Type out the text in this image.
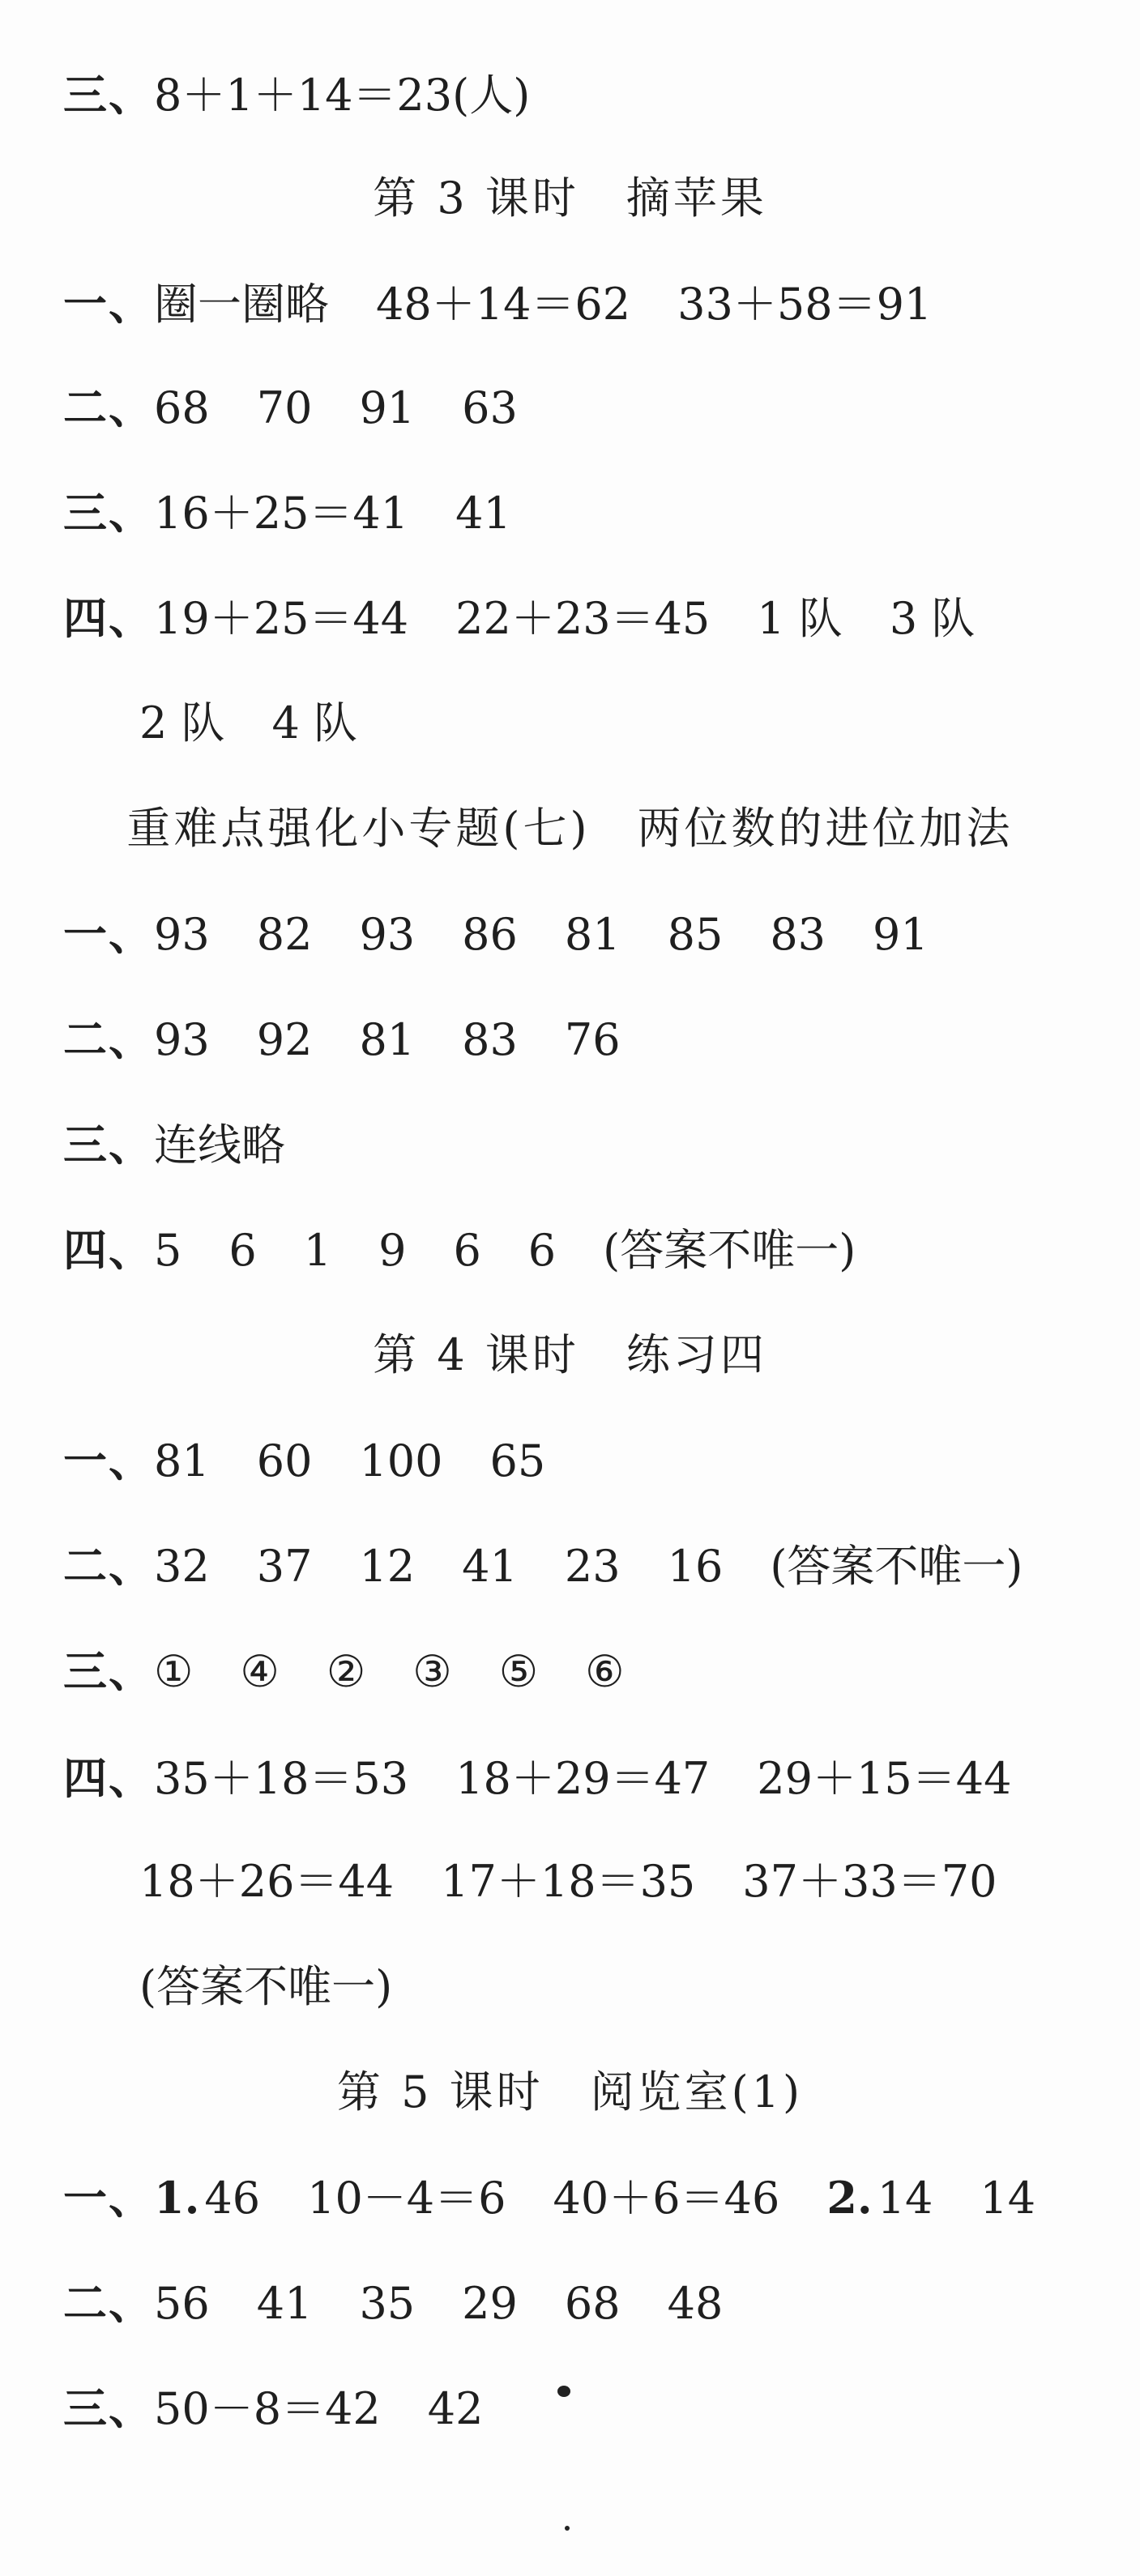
三、8＋1＋14＝23(人)
第 3 课时　摘苹果
一、圈一圈略 48＋14＝62 33＋58＝91
二、68 70 91 63
三、16＋25＝41 41
四、19＋25＝44 22＋23＝45 1 队 3 队
2 队 4 队
重难点强化小专题(七)　两位数的进位加法
一、93 82 93 86 81 85 83 91
二、93 92 81 83 76
三、连线略
四、5 6 1 9 6 6 (答案不唯一)
第 4 课时　练习四
一、81 60 100 65
二、32 37 12 41 23 16 (答案不唯一)
三、① ④ ② ③ ⑤ ⑥
四、35＋18＝53 18＋29＝47 29＋15＝44
18＋26＝44 17＋18＝35 37＋33＝70
(答案不唯一)
第 5 课时　阅览室(1)
一、1. 46 10－4＝6 40＋6＝46 2. 14 14
二、56 41 35 29 68 48
三、50－8＝42 42
